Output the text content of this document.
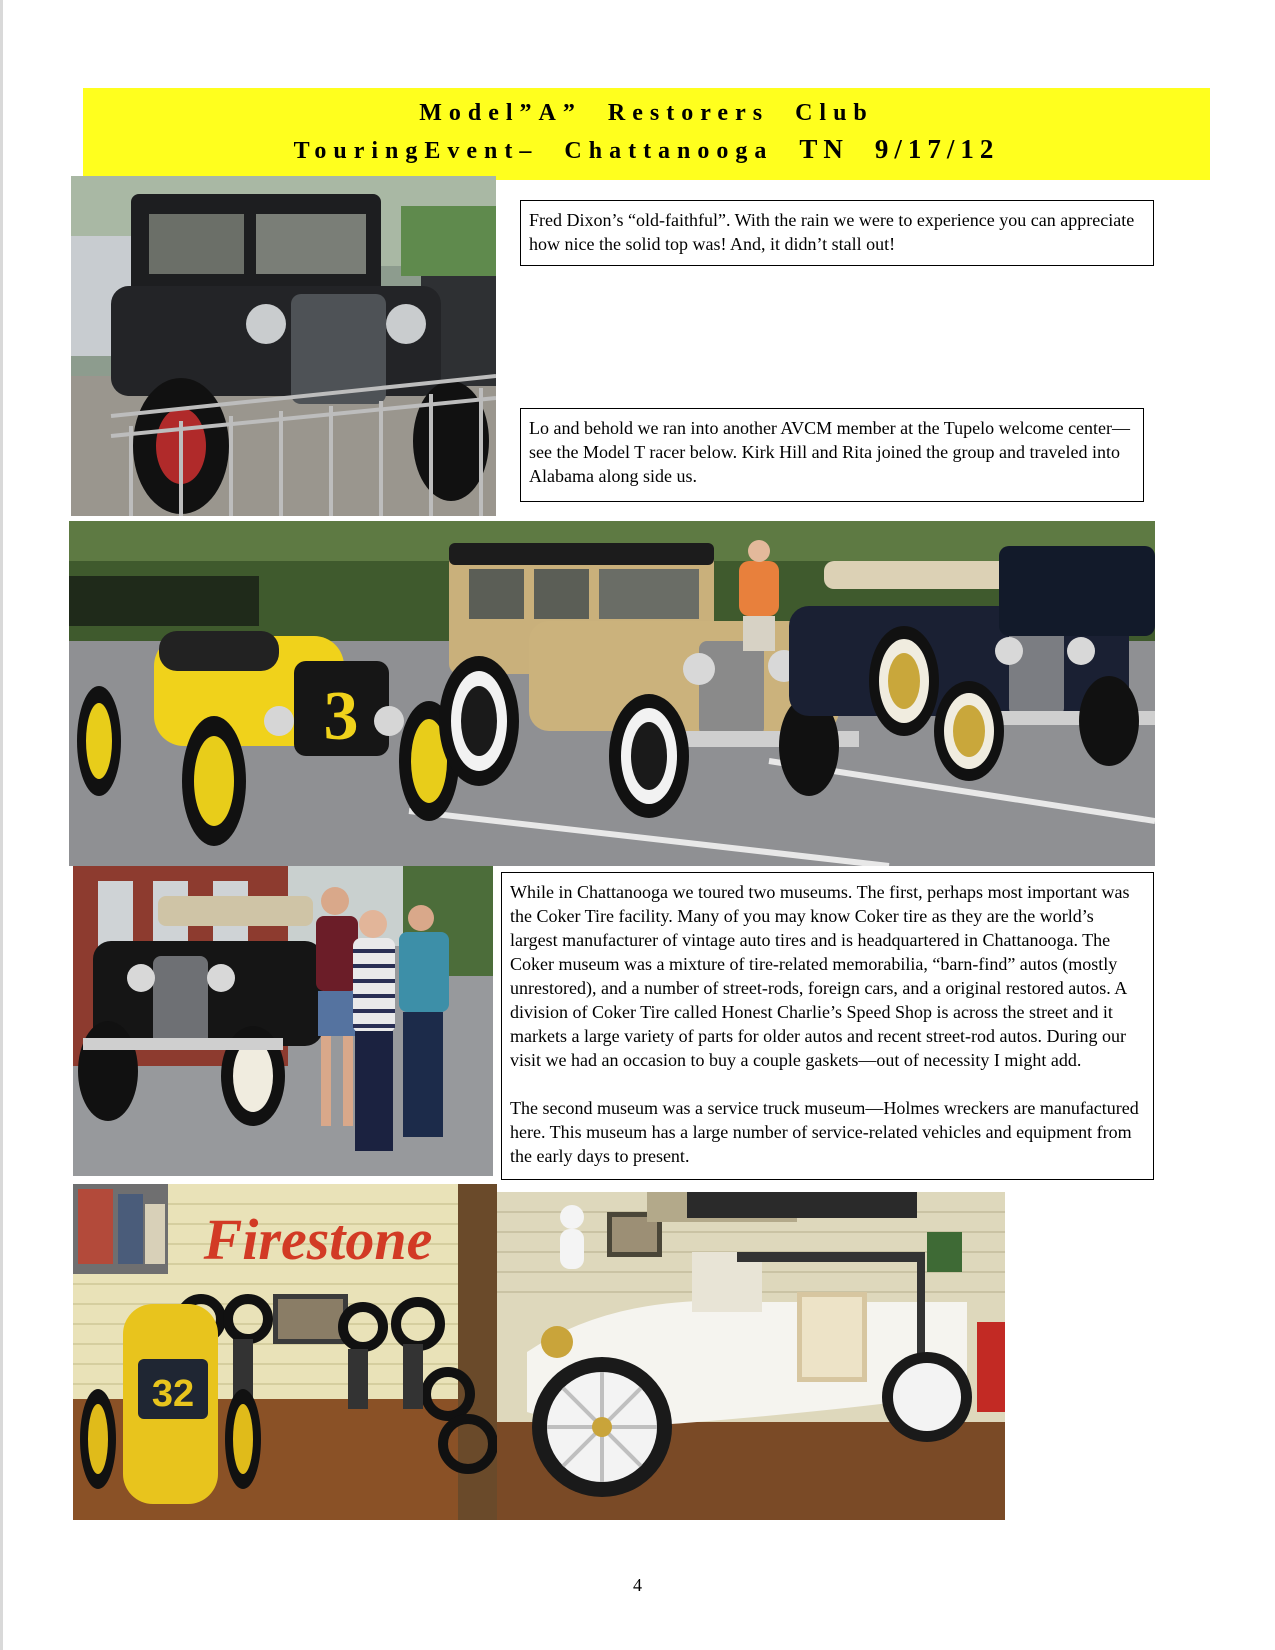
Model”A” Restorers Club
TouringEvent– Chattanooga TN 9/17/12

Fred Dixon’s “old-faithful”. With the rain we were to experience you can appreciate how nice the solid top was! And, it didn’t stall out!

Lo and behold we ran into another AVCM member at the Tupelo welcome center—see the Model T racer below. Kirk Hill and Rita joined the group and traveled into Alabama along side us.

3

While in Chattanooga we toured two museums. The first, perhaps most important was the Coker Tire facility. Many of you may know Coker tire as they are the world’s largest manufacturer of vintage auto tires and is headquartered in Chattanooga. The Coker museum was a mixture of tire-related memorabilia, “barn-find” autos (mostly unrestored), and a number of street-rods, foreign cars, and a original restored autos. A division of Coker Tire called Honest Charlie’s Speed Shop is across the street and it markets a large variety of parts for older autos and recent street-rod autos. During our visit we had an occasion to buy a couple gaskets—out of necessity I might add.

The second museum was a service truck museum—Holmes wreckers are manufactured here. This museum has a large number of service-related vehicles and equipment from the early days to present.

Firestone
32
4
